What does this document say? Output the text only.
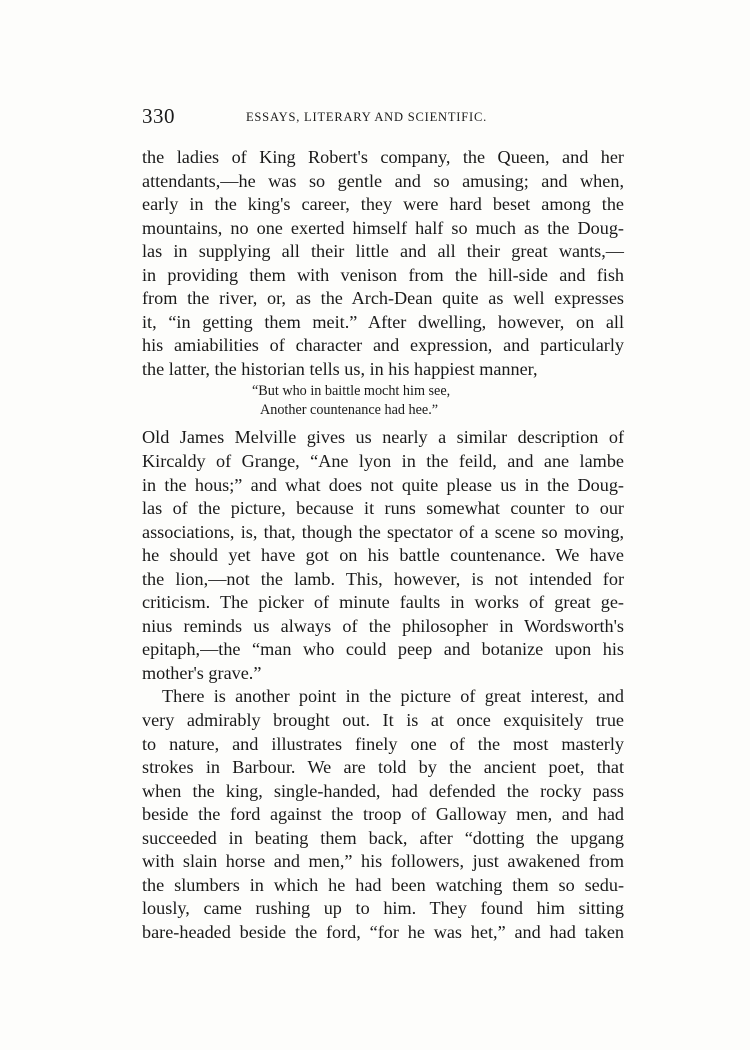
330	ESSAYS, LITERARY AND SCIENTIFIC.
the ladies of King Robert's company, the Queen, and her
attendants,—he was so gentle and so amusing; and when,
early in the king's career, they were hard beset among the
mountains, no one exerted himself half so much as the Doug-
las in supplying all their little and all their great wants,—
in providing them with venison from the hill-side and fish
from the river, or, as the Arch-Dean quite as well expresses
it, “in getting them meit.” After dwelling, however, on all
his amiabilities of character and expression, and particularly
the latter, the historian tells us, in his happiest manner,
“But who in baittle mocht him see,
Another countenance had hee.”
Old James Melville gives us nearly a similar description of
Kircaldy of Grange, “Ane lyon in the feild, and ane lambe
in the hous;” and what does not quite please us in the Doug-
las of the picture, because it runs somewhat counter to our
associations, is, that, though the spectator of a scene so moving,
he should yet have got on his battle countenance. We have
the lion,—not the lamb. This, however, is not intended for
criticism. The picker of minute faults in works of great ge-
nius reminds us always of the philosopher in Wordsworth's
epitaph,—the “man who could peep and botanize upon his
mother's grave.”
There is another point in the picture of great interest, and
very admirably brought out. It is at once exquisitely true
to nature, and illustrates finely one of the most masterly
strokes in Barbour. We are told by the ancient poet, that
when the king, single-handed, had defended the rocky pass
beside the ford against the troop of Galloway men, and had
succeeded in beating them back, after “dotting the upgang
with slain horse and men,” his followers, just awakened from
the slumbers in which he had been watching them so sedu-
lously, came rushing up to him. They found him sitting
bare-headed beside the ford, “for he was het,” and had taken
